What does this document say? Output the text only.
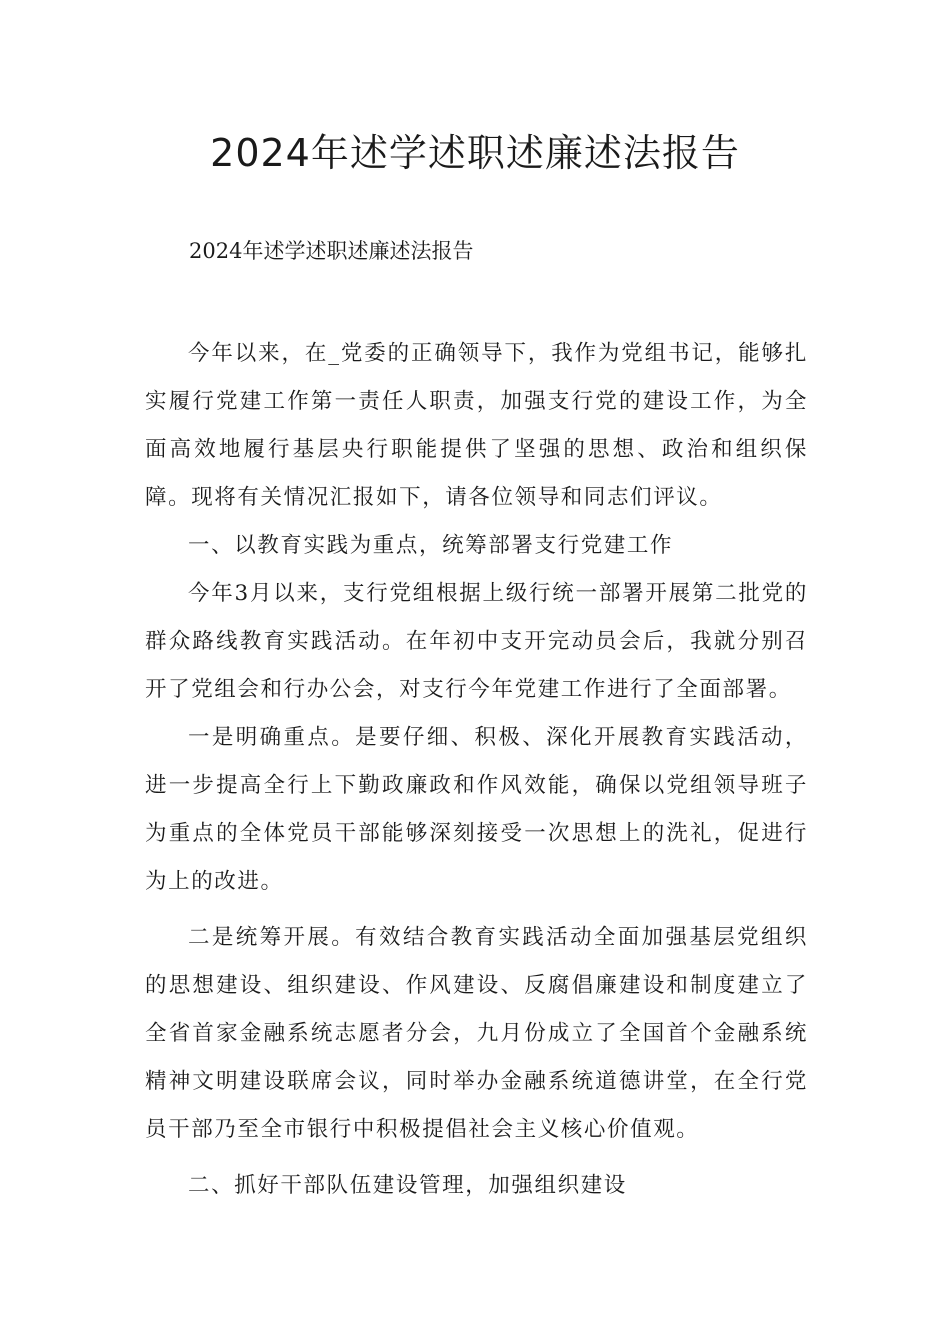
2024年述学述职述廉述法报告

2024年述学述职述廉述法报告

今年以来，在_党委的正确领导下，我作为党组书记，能够扎实履行党建工作第一责任人职责，加强支行党的建设工作，为全面高效地履行基层央行职能提供了坚强的思想、政治和组织保障。现将有关情况汇报如下，请各位领导和同志们评议。

一、以教育实践为重点，统筹部署支行党建工作

今年3月以来，支行党组根据上级行统一部署开展第二批党的群众路线教育实践活动。在年初中支开完动员会后，我就分别召开了党组会和行办公会，对支行今年党建工作进行了全面部署。

一是明确重点。是要仔细、积极、深化开展教育实践活动，进一步提高全行上下勤政廉政和作风效能，确保以党组领导班子为重点的全体党员干部能够深刻接受一次思想上的洗礼，促进行为上的改进。

二是统筹开展。有效结合教育实践活动全面加强基层党组织的思想建设、组织建设、作风建设、反腐倡廉建设和制度建立了全省首家金融系统志愿者分会，九月份成立了全国首个金融系统精神文明建设联席会议，同时举办金融系统道德讲堂，在全行党员干部乃至全市银行中积极提倡社会主义核心价值观。

二、抓好干部队伍建设管理，加强组织建设
